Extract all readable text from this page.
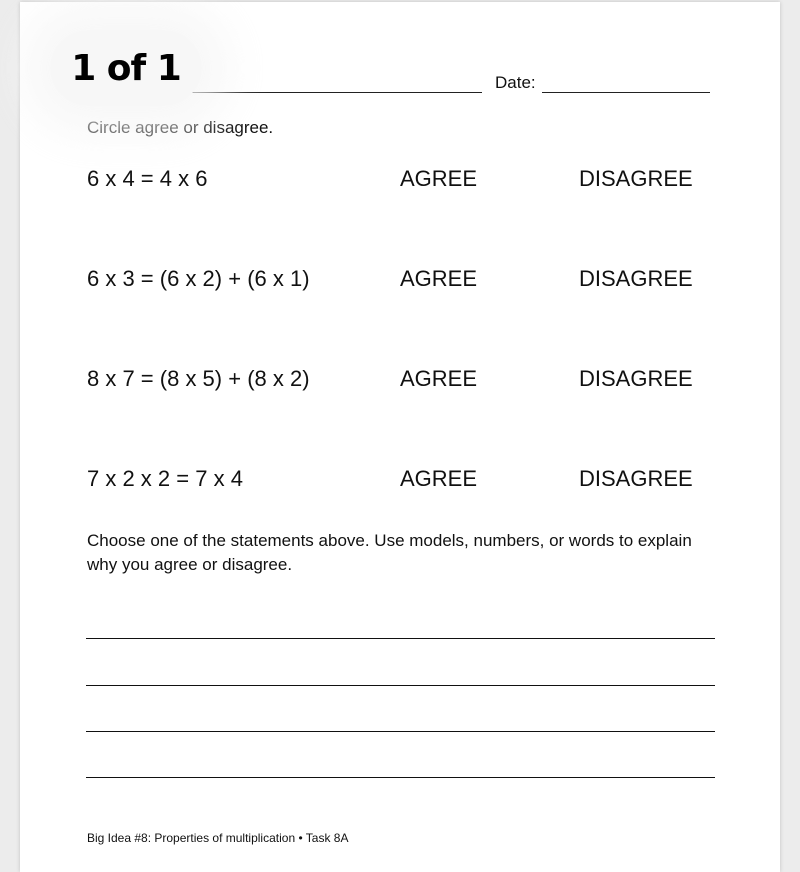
1 of 1	Date:
Circle agree or disagree.
6 x 4 = 4 x 6	AGREE	DISAGREE
6 x 3 = (6 x 2) + (6 x 1)	AGREE	DISAGREE
8 x 7 = (8 x 5) + (8 x 2)	AGREE	DISAGREE
7 x 2 x 2 = 7 x 4	AGREE	DISAGREE
Choose one of the statements above. Use models, numbers, or words to explain why you agree or disagree.
Big Idea #8: Properties of multiplication • Task 8A
